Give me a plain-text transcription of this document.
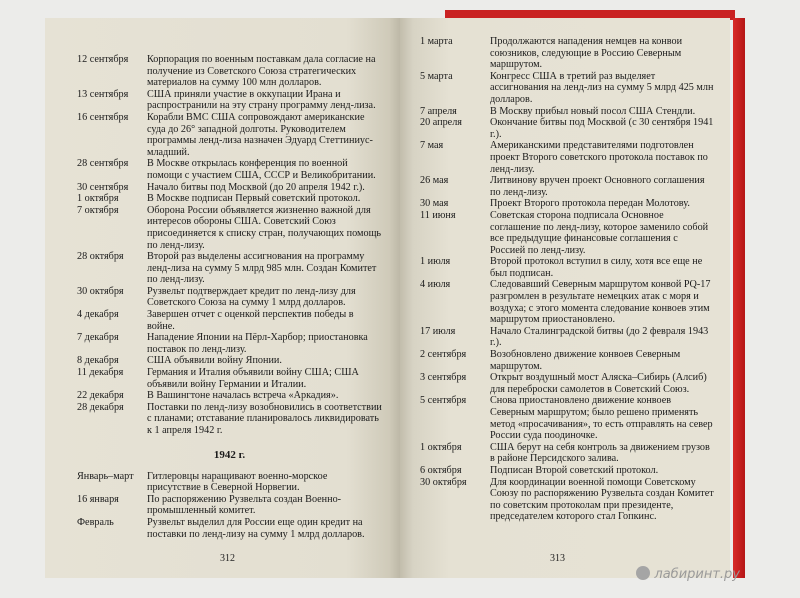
12 сентября	Корпорация по военным поставкам дала согласие на получение из Советского Союза стратегических материалов на сумму 100 млн долларов.
13 сентября	США приняли участие в оккупации Ирана и распространили на эту страну программу ленд-лиза.
16 сентября	Корабли ВМС США сопровождают американские суда до 26° западной долготы. Руководителем программы ленд-лиза назначен Эдуард Стеттиниус-младший.
28 сентября	В Москве открылась конференция по военной помощи с участием США, СССР и Великобритании.
30 сентября	Начало битвы под Москвой (до 20 апреля 1942 г.).
1 октября	В Москве подписан Первый советский протокол.
7 октября	Оборона России объявляется жизненно важной для интересов обороны США. Советский Союз присоединяется к списку стран, получающих помощь по ленд-лизу.
28 октября	Второй раз выделены ассигнования на программу ленд-лиза на сумму 5 млрд 985 млн. Создан Комитет по ленд-лизу.
30 октября	Рузвельт подтверждает кредит по ленд-лизу для Советского Союза на сумму 1 млрд долларов.
4 декабря	Завершен отчет с оценкой перспектив победы в войне.
7 декабря	Нападение Японии на Пёрл-Харбор; приостановка поставок по ленд-лизу.
8 декабря	США объявили войну Японии.
11 декабря	Германия и Италия объявили войну США; США объявили войну Германии и Италии.
22 декабря	В Вашингтоне началась встреча «Аркадия».
28 декабря	Поставки по ленд-лизу возобновились в соответствии с планами; отставание планировалось ликвидировать к 1 апреля 1942 г.
1942 г.
Январь–март	Гитлеровцы наращивают военно-морское присутствие в Северной Норвегии.
16 января	По распоряжению Рузвельта создан Военно-промышленный комитет.
Февраль	Рузвельт выделил для России еще один кредит на поставки по ленд-лизу на сумму 1 млрд долларов.
312
1 марта	Продолжаются нападения немцев на конвои союзников, следующие в Россию Северным маршрутом.
5 марта	Конгресс США в третий раз выделяет ассигнования на ленд-лиз на сумму 5 млрд 425 млн долларов.
7 апреля	В Москву прибыл новый посол США Стендли.
20 апреля	Окончание битвы под Москвой (с 30 сентября 1941 г.).
7 мая	Американскими представителями подготовлен проект Второго советского протокола поставок по ленд-лизу.
26 мая	Литвинову вручен проект Основного соглашения по ленд-лизу.
30 мая	Проект Второго протокола передан Молотову.
11 июня	Советская сторона подписала Основное соглашение по ленд-лизу, которое заменило собой все предыдущие финансовые соглашения с Россией по ленд-лизу.
1 июля	Второй протокол вступил в силу, хотя все еще не был подписан.
4 июля	Следовавший Северным маршрутом конвой PQ-17 разгромлен в результате немецких атак с моря и воздуха; с этого момента следование конвоев этим маршрутом приостановлено.
17 июля	Начало Сталинградской битвы (до 2 февраля 1943 г.).
2 сентября	Возобновлено движение конвоев Северным маршрутом.
3 сентября	Открыт воздушный мост Аляска–Сибирь (Алсиб) для переброски самолетов в Советский Союз.
5 сентября	Снова приостановлено движение конвоев Северным маршрутом; было решено применять метод «просачивания», то есть отправлять на север России суда поодиночке.
1 октября	США берут на себя контроль за движением грузов в районе Персидского залива.
6 октября	Подписан Второй советский протокол.
30 октября	Для координации военной помощи Советскому Союзу по распоряжению Рузвельта создан Комитет по советским протоколам при президенте, председателем которого стал Гопкинс.
313
лабиринт.ру
